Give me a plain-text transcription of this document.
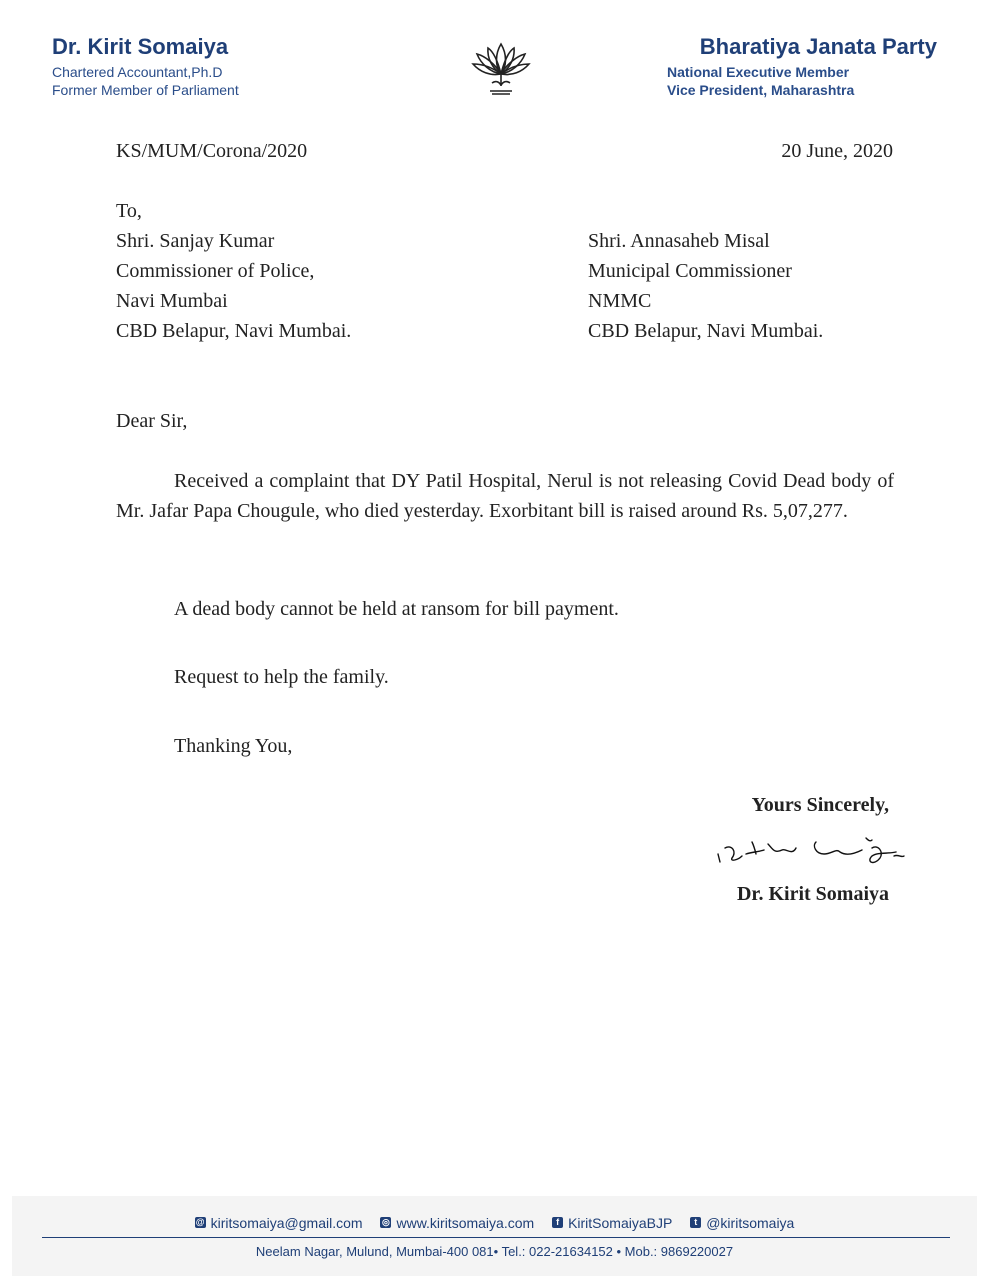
Dr. Kirit Somaiya
Chartered Accountant,Ph.D
Former Member of Parliament
Bharatiya Janata Party
National Executive Member
Vice President, Maharashtra
KS/MUM/Corona/2020	20 June, 2020
To,
Shri. Sanjay Kumar
Commissioner of Police,
Navi Mumbai
CBD Belapur, Navi Mumbai.
Shri. Annasaheb Misal
Municipal Commissioner
NMMC
CBD Belapur, Navi Mumbai.
Dear Sir,
Received a complaint that DY Patil Hospital, Nerul is not releasing Covid Dead body of Mr. Jafar Papa Chougule, who died yesterday. Exorbitant bill is raised around Rs. 5,07,277.
A dead body cannot be held at ransom for bill payment.
Request to help the family.
Thanking You,
Yours Sincerely,
Dr. Kirit Somaiya
@ kiritsomaiya@gmail.com
◎ www.kiritsomaiya.com
	f KiritSomaiyaBJP
	t @kiritsomaiya
Neelam Nagar, Mulund, Mumbai-400 081• Tel.: 022-21634152 • Mob.: 9869220027
